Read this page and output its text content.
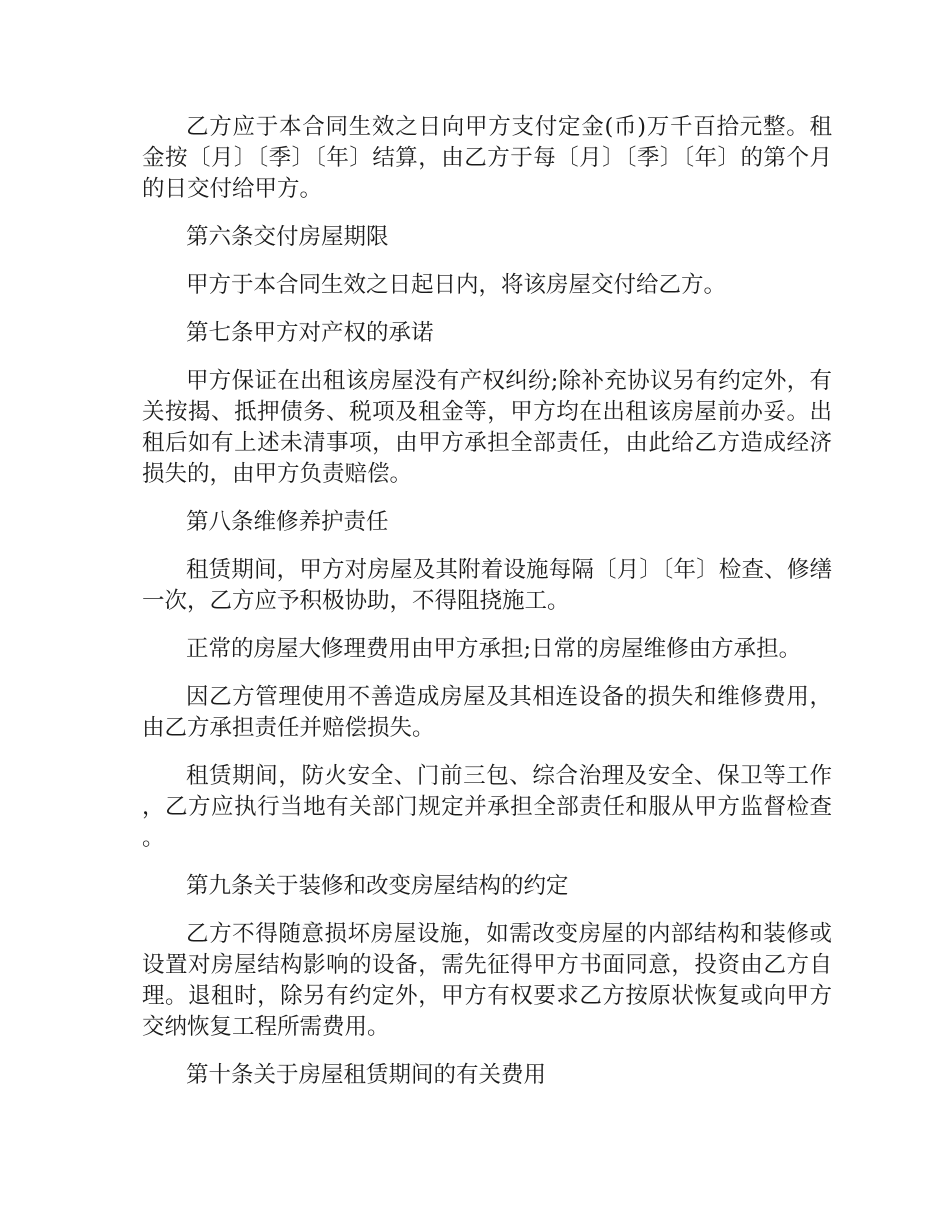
乙方应于本合同生效之日向甲方支付定金(币)万千百拾元整。租金按〔月〕〔季〕〔年〕结算，由乙方于每〔月〕〔季〕〔年〕的第个月的日交付给甲方。

第六条交付房屋期限

甲方于本合同生效之日起日内，将该房屋交付给乙方。

第七条甲方对产权的承诺

甲方保证在出租该房屋没有产权纠纷;除补充协议另有约定外，有关按揭、抵押债务、税项及租金等，甲方均在出租该房屋前办妥。出租后如有上述未清事项，由甲方承担全部责任，由此给乙方造成经济损失的，由甲方负责赔偿。

第八条维修养护责任

租赁期间，甲方对房屋及其附着设施每隔〔月〕〔年〕检查、修缮一次，乙方应予积极协助，不得阻挠施工。

正常的房屋大修理费用由甲方承担;日常的房屋维修由方承担。

因乙方管理使用不善造成房屋及其相连设备的损失和维修费用，由乙方承担责任并赔偿损失。

租赁期间，防火安全、门前三包、综合治理及安全、保卫等工作，乙方应执行当地有关部门规定并承担全部责任和服从甲方监督检查。

第九条关于装修和改变房屋结构的约定

乙方不得随意损坏房屋设施，如需改变房屋的内部结构和装修或设置对房屋结构影响的设备，需先征得甲方书面同意，投资由乙方自理。退租时，除另有约定外，甲方有权要求乙方按原状恢复或向甲方交纳恢复工程所需费用。

第十条关于房屋租赁期间的有关费用
